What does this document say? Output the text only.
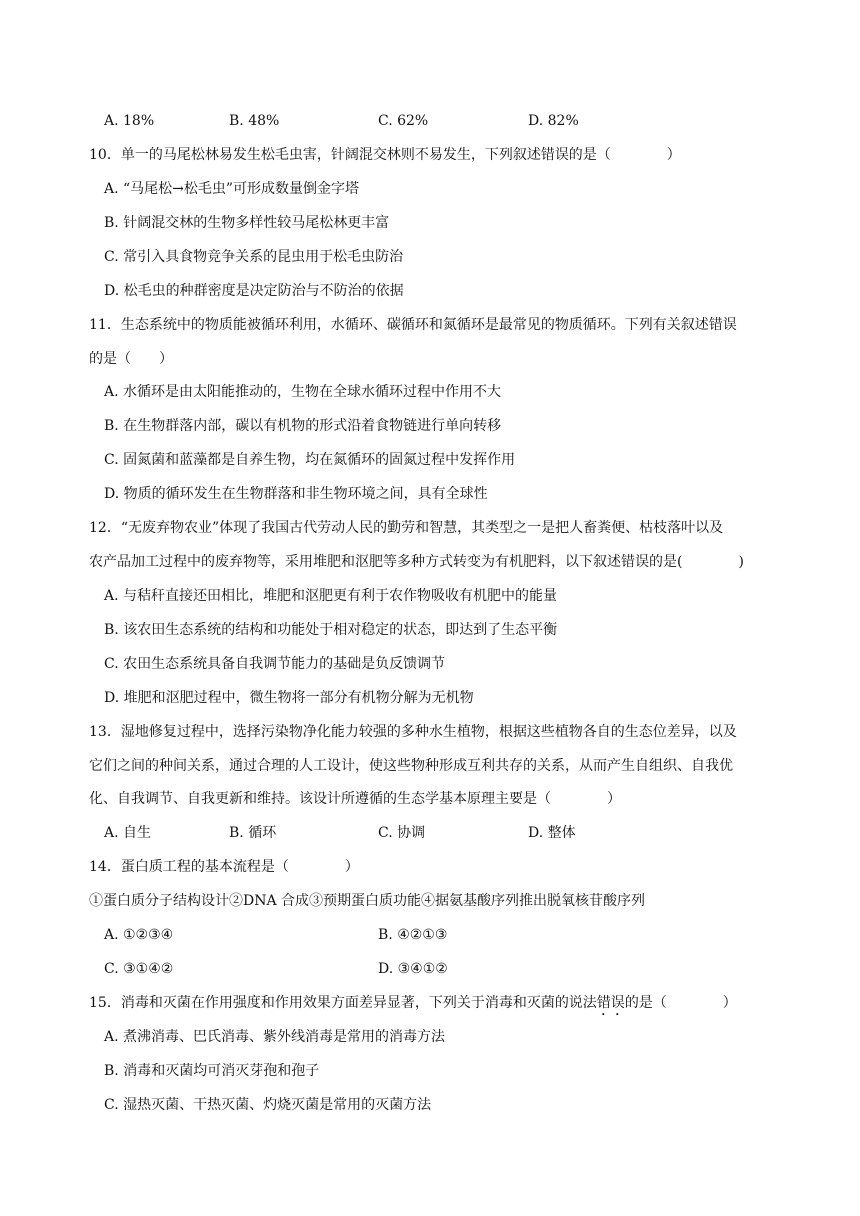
A. 18%	B. 48%	C. 62%	D. 82%
10．单一的马尾松林易发生松毛虫害，针阔混交林则不易发生，下列叙述错误的是（　　　　）
A. “马尾松→松毛虫”可形成数量倒金字塔
B. 针阔混交林的生物多样性较马尾松林更丰富
C. 常引入具食物竞争关系的昆虫用于松毛虫防治
D. 松毛虫的种群密度是决定防治与不防治的依据
11．生态系统中的物质能被循环利用，水循环、碳循环和氮循环是最常见的物质循环。下列有关叙述错误
的是（　　）
A. 水循环是由太阳能推动的，生物在全球水循环过程中作用不大
B. 在生物群落内部，碳以有机物的形式沿着食物链进行单向转移
C. 固氮菌和蓝藻都是自养生物，均在氮循环的固氮过程中发挥作用
D. 物质的循环发生在生物群落和非生物环境之间，具有全球性
12．“无废弃物农业”体现了我国古代劳动人民的勤劳和智慧，其类型之一是把人畜粪便、枯枝落叶以及
农产品加工过程中的废弃物等，采用堆肥和沤肥等多种方式转变为有机肥料，以下叙述错误的是(　　　　)
A. 与秸秆直接还田相比，堆肥和沤肥更有利于农作物吸收有机肥中的能量
B. 该农田生态系统的结构和功能处于相对稳定的状态，即达到了生态平衡
C. 农田生态系统具备自我调节能力的基础是负反馈调节
D. 堆肥和沤肥过程中，微生物将一部分有机物分解为无机物
13．湿地修复过程中，选择污染物净化能力较强的多种水生植物，根据这些植物各自的生态位差异，以及
它们之间的种间关系，通过合理的人工设计，使这些物种形成互利共存的关系，从而产生自组织、自我优
化、自我调节、自我更新和维持。该设计所遵循的生态学基本原理主要是（　　　　）
A. 自生	B. 循环	C. 协调	D. 整体
14．蛋白质工程的基本流程是（　　　　）
①蛋白质分子结构设计②DNA 合成③预期蛋白质功能④据氨基酸序列推出脱氧核苷酸序列
A. ①②③④	B. ④②①③
C. ③①④②	D. ③④①②
15．消毒和灭菌在作用强度和作用效果方面差异显著，下列关于消毒和灭菌的说法错误的是（　　　　）
A. 煮沸消毒、巴氏消毒、紫外线消毒是常用的消毒方法
B. 消毒和灭菌均可消灭芽孢和孢子
C. 湿热灭菌、干热灭菌、灼烧灭菌是常用的灭菌方法
